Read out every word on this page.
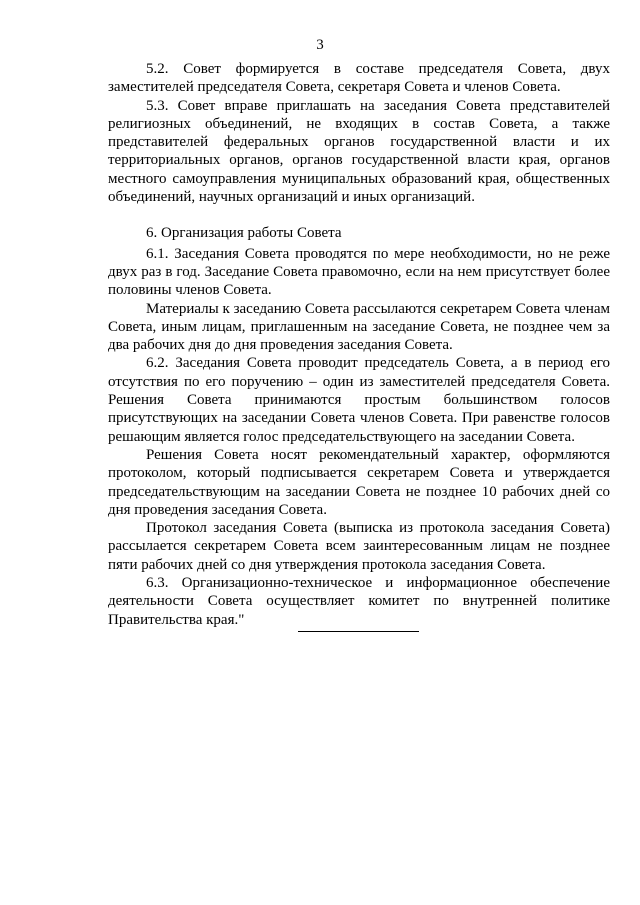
3

5.2. Совет формируется в составе председателя Совета, двух заместителей председателя Совета, секретаря Совета и членов Совета.

5.3. Совет вправе приглашать на заседания Совета представителей религиозных объединений, не входящих в состав Совета, а также представителей федеральных органов государственной власти и их территориальных органов, органов государственной власти края, органов местного самоуправления муниципальных образований края, общественных объединений, научных организаций и иных организаций.

6. Организация работы Совета

6.1. Заседания Совета проводятся по мере необходимости, но не реже двух раз в год. Заседание Совета правомочно, если на нем присутствует более половины членов Совета.

Материалы к заседанию Совета рассылаются секретарем Совета членам Совета, иным лицам, приглашенным на заседание Совета, не позднее чем за два рабочих дня до дня проведения заседания Совета.

6.2. Заседания Совета проводит председатель Совета, а в период его отсутствия по его поручению – один из заместителей председателя Совета. Решения Совета принимаются простым большинством голосов присутствующих на заседании Совета членов Совета. При равенстве голосов решающим является голос председательствующего на заседании Совета.

Решения Совета носят рекомендательный характер, оформляются протоколом, который подписывается секретарем Совета и утверждается председательствующим на заседании Совета не позднее 10 рабочих дней со дня проведения заседания Совета.

Протокол заседания Совета (выписка из протокола заседания Совета) рассылается секретарем Совета всем заинтересованным лицам не позднее пяти рабочих дней со дня утверждения протокола заседания Совета.

6.3. Организационно-техническое и информационное обеспечение деятельности Совета осуществляет комитет по внутренней политике Правительства края."
